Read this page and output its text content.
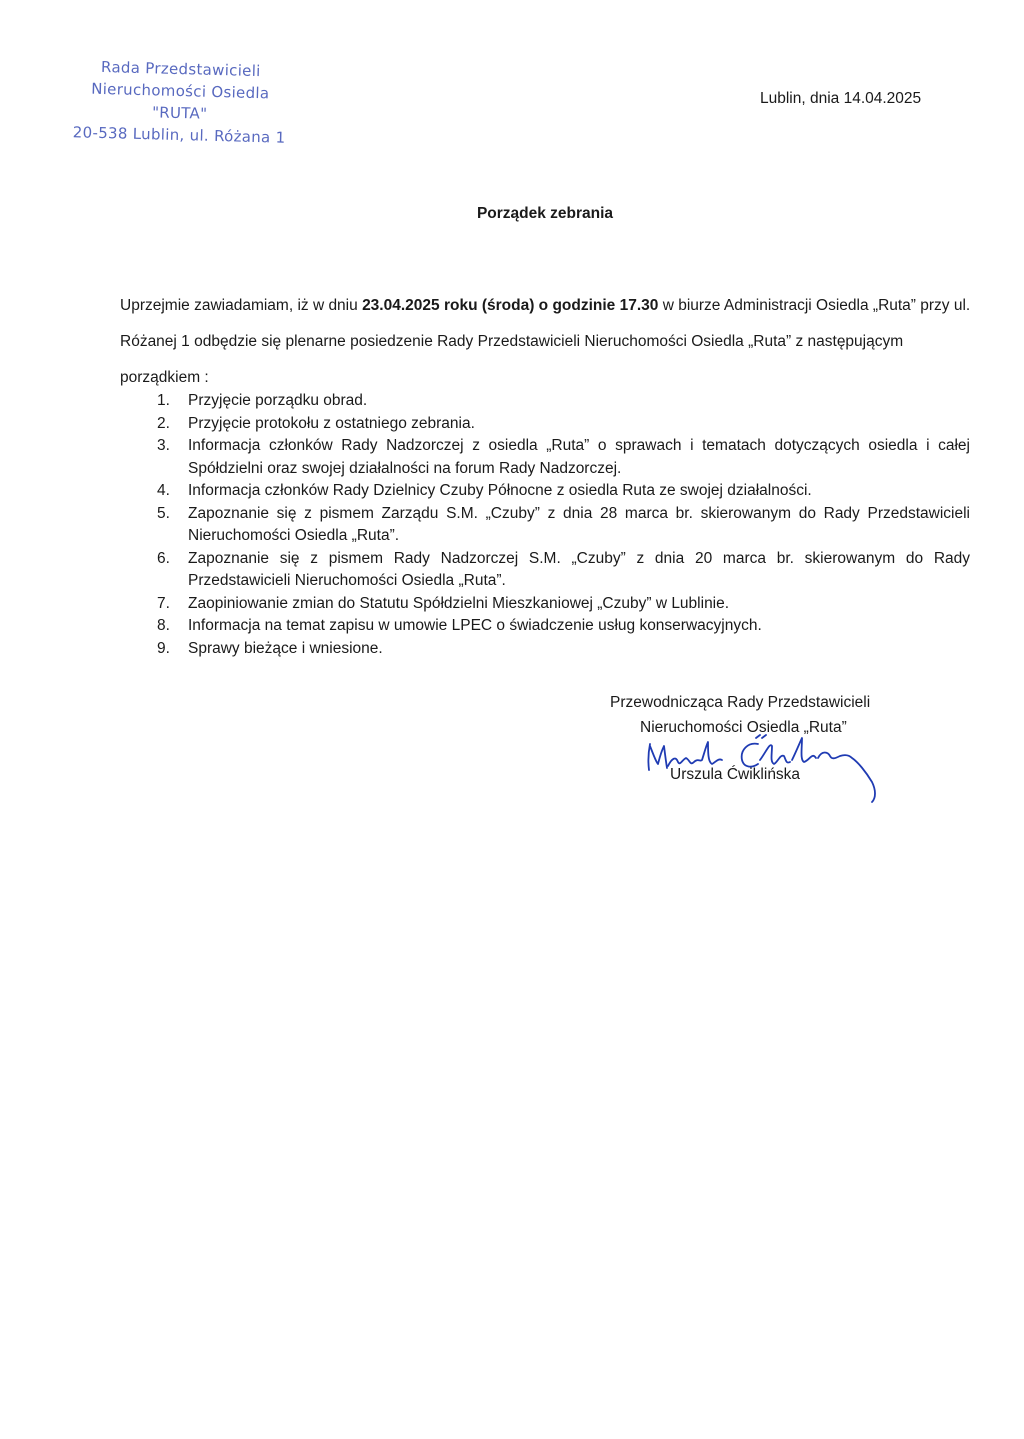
Rada Przedstawicieli
Nieruchomości Osiedla
"RUTA"
20-538 Lublin, ul. Różana 1
Lublin, dnia 14.04.2025
Porządek zebrania
Uprzejmie zawiadamiam, iż w dniu 23.04.2025 roku (środa) o godzinie 17.30 w biurze Administracji Osiedla „Ruta” przy ul. Różanej 1 odbędzie się plenarne posiedzenie Rady Przedstawicieli Nieruchomości Osiedla „Ruta” z następującym porządkiem :
1. Przyjęcie porządku obrad.
2. Przyjęcie protokołu z ostatniego zebrania.
3. Informacja członków Rady Nadzorczej z osiedla „Ruta” o sprawach i tematach dotyczących osiedla i całej Spółdzielni oraz swojej działalności na forum Rady Nadzorczej.
4. Informacja członków Rady Dzielnicy Czuby Północne z osiedla Ruta ze swojej działalności.
5. Zapoznanie się z pismem Zarządu S.M. „Czuby” z dnia 28 marca br. skierowanym do Rady Przedstawicieli Nieruchomości Osiedla „Ruta”.
6. Zapoznanie się z pismem Rady Nadzorczej S.M. „Czuby” z dnia 20 marca br. skierowanym do Rady Przedstawicieli Nieruchomości Osiedla „Ruta”.
7. Zaopiniowanie zmian do Statutu Spółdzielni Mieszkaniowej „Czuby” w Lublinie.
8. Informacja na temat zapisu w umowie LPEC o świadczenie usług konserwacyjnych.
9. Sprawy bieżące i wniesione.
Przewodnicząca Rady Przedstawicieli
Nieruchomości Osiedla „Ruta”
Urszula Ćwiklińska
